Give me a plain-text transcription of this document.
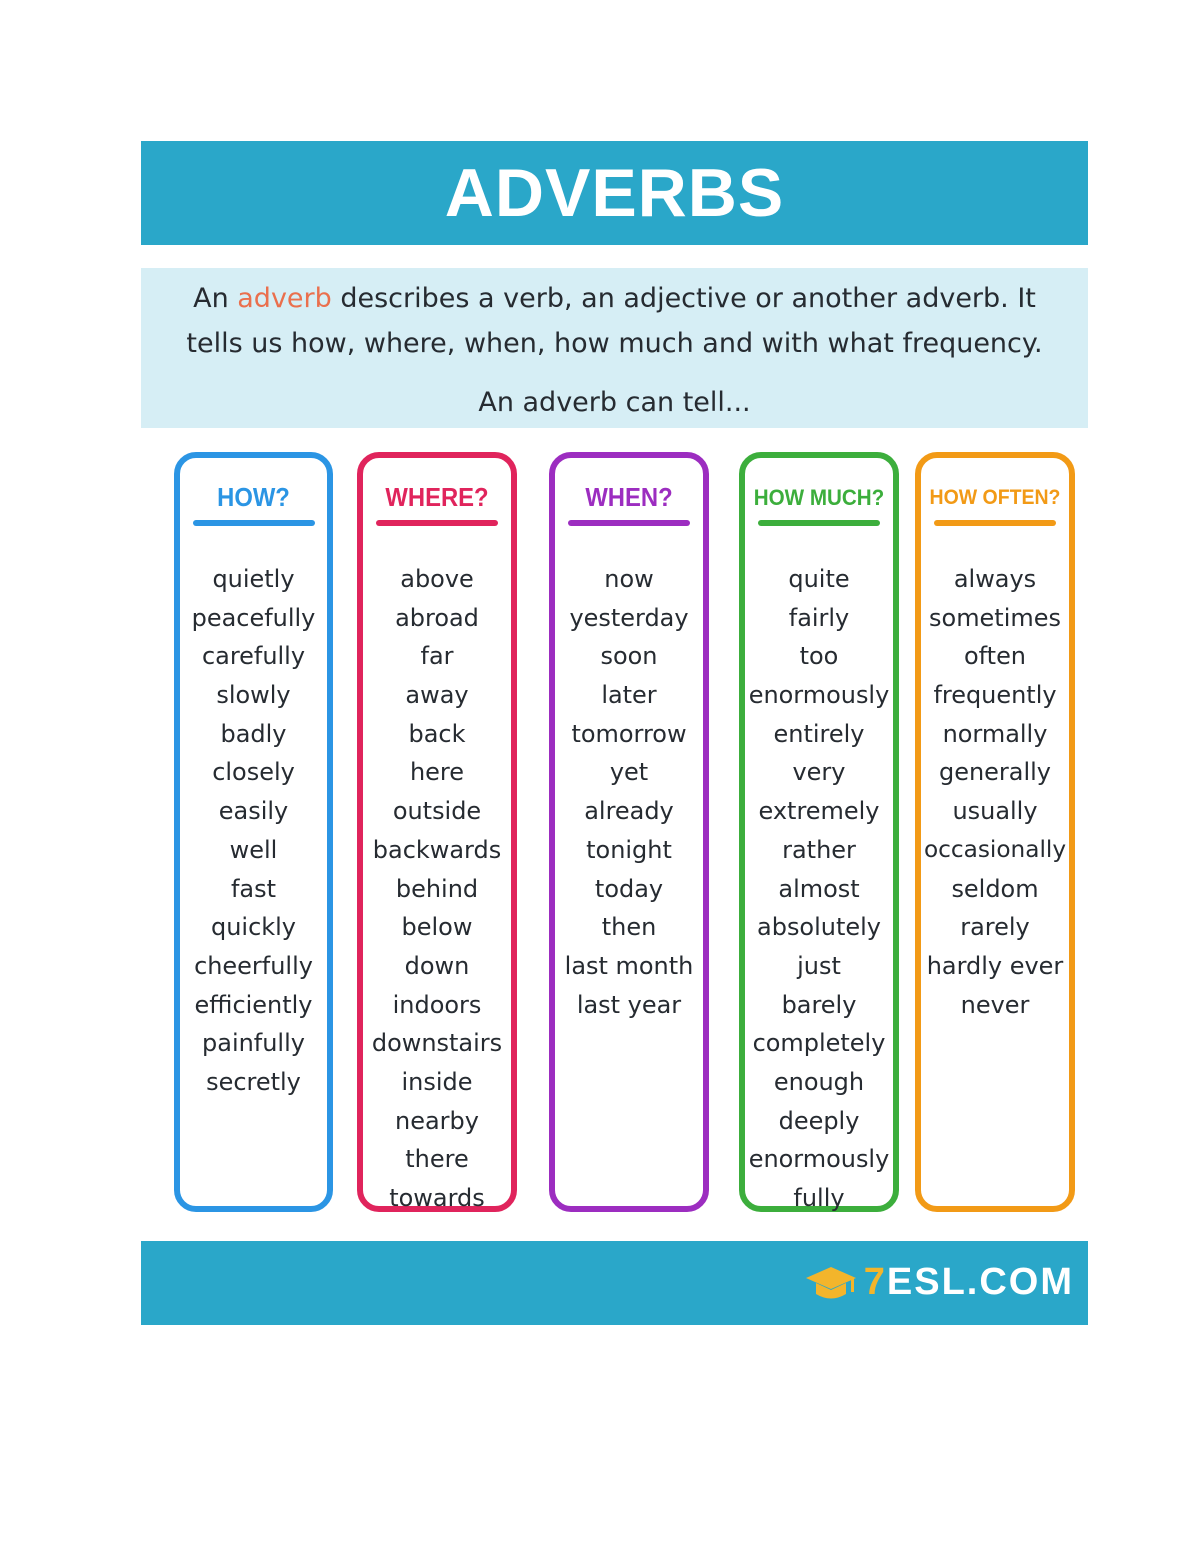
ADVERBS
An adverb describes a verb, an adjective or another adverb. It
tells us how, where, when, how much and with what frequency.
An adverb can tell...
HOW?
quietly
peacefully
carefully
slowly
badly
closely
easily
well
fast
quickly
cheerfully
efficiently
painfully
secretly
WHERE?
above
abroad
far
away
back
here
outside
backwards
behind
below
down
indoors
downstairs
inside
nearby
there
towards
WHEN?
now
yesterday
soon
later
tomorrow
yet
already
tonight
today
then
last month
last year
HOW MUCH?
quite
fairly
too
enormously
entirely
very
extremely
rather
almost
absolutely
just
barely
completely
enough
deeply
enormously
fully
HOW OFTEN?
always
sometimes
often
frequently
normally
generally
usually
occasionally
seldom
rarely
hardly ever
never
7ESL.COM
